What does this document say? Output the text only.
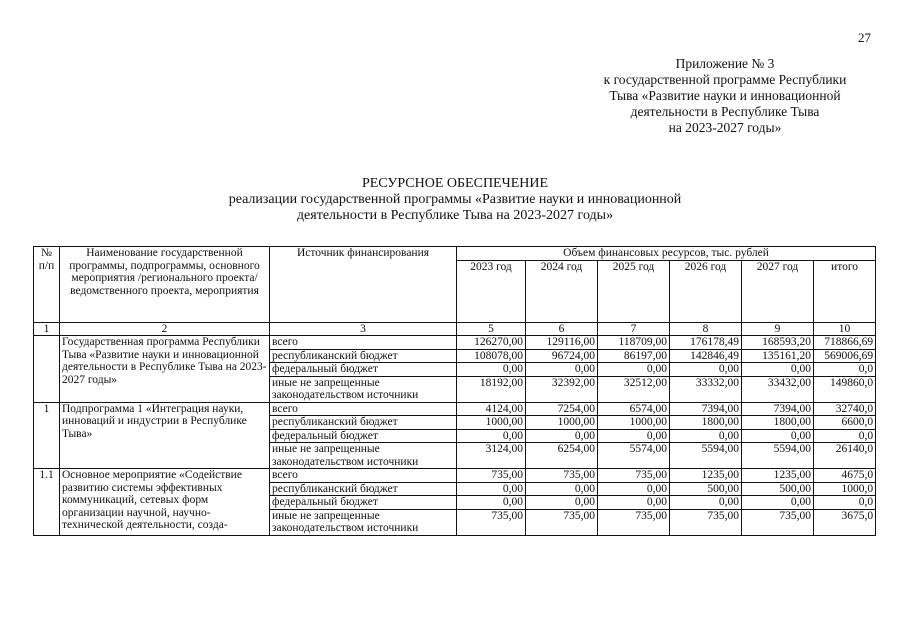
27
Приложение № 3
к государственной программе Республики
Тыва «Развитие науки и инновационной
деятельности в Республике Тыва
на 2023-2027 годы»
РЕСУРСНОЕ ОБЕСПЕЧЕНИЕ
реализации государственной программы «Развитие науки и инновационной
деятельности в Республике Тыва на 2023-2027 годы»
№ п/п	Наименование государственной программы, подпрограммы, основного мероприятия /регионального проекта/ ведомственного проекта, мероприятия	Источник финансирования	Объем финансовых ресурсов, тыс. рублей					
			2023 год	2024 год	2025 год	2026 год	2027 год	итого
1	2	3	5	6	7	8	9	10
	Государственная программа Республики Тыва «Развитие науки и инновационной деятельности в Республике Тыва на 2023-2027 годы»	всего	126270,00	129116,00	118709,00	176178,49	168593,20	718866,69
		республиканский бюджет	108078,00	96724,00	86197,00	142846,49	135161,20	569006,69
		федеральный бюджет	0,00	0,00	0,00	0,00	0,00	0,0
		иные не запрещенные законодательством источники	18192,00	32392,00	32512,00	33332,00	33432,00	149860,0
1	Подпрограмма 1 «Интеграция науки, инноваций и индустрии в Республике Тыва»	всего	4124,00	7254,00	6574,00	7394,00	7394,00	32740,0
		республиканский бюджет	1000,00	1000,00	1000,00	1800,00	1800,00	6600,0
		федеральный бюджет	0,00	0,00	0,00	0,00	0,00	0,0
		иные не запрещенные законодательством источники	3124,00	6254,00	5574,00	5594,00	5594,00	26140,0
1.1	Основное мероприятие «Содействие развитию системы эффективных коммуникаций, сетевых форм организации научной, научно-технической деятельности, созда-	всего	735,00	735,00	735,00	1235,00	1235,00	4675,0
		республиканский бюджет	0,00	0,00	0,00	500,00	500,00	1000,0
		федеральный бюджет	0,00	0,00	0,00	0,00	0,00	0,0
		иные не запрещенные законодательством источники	735,00	735,00	735,00	735,00	735,00	3675,0
